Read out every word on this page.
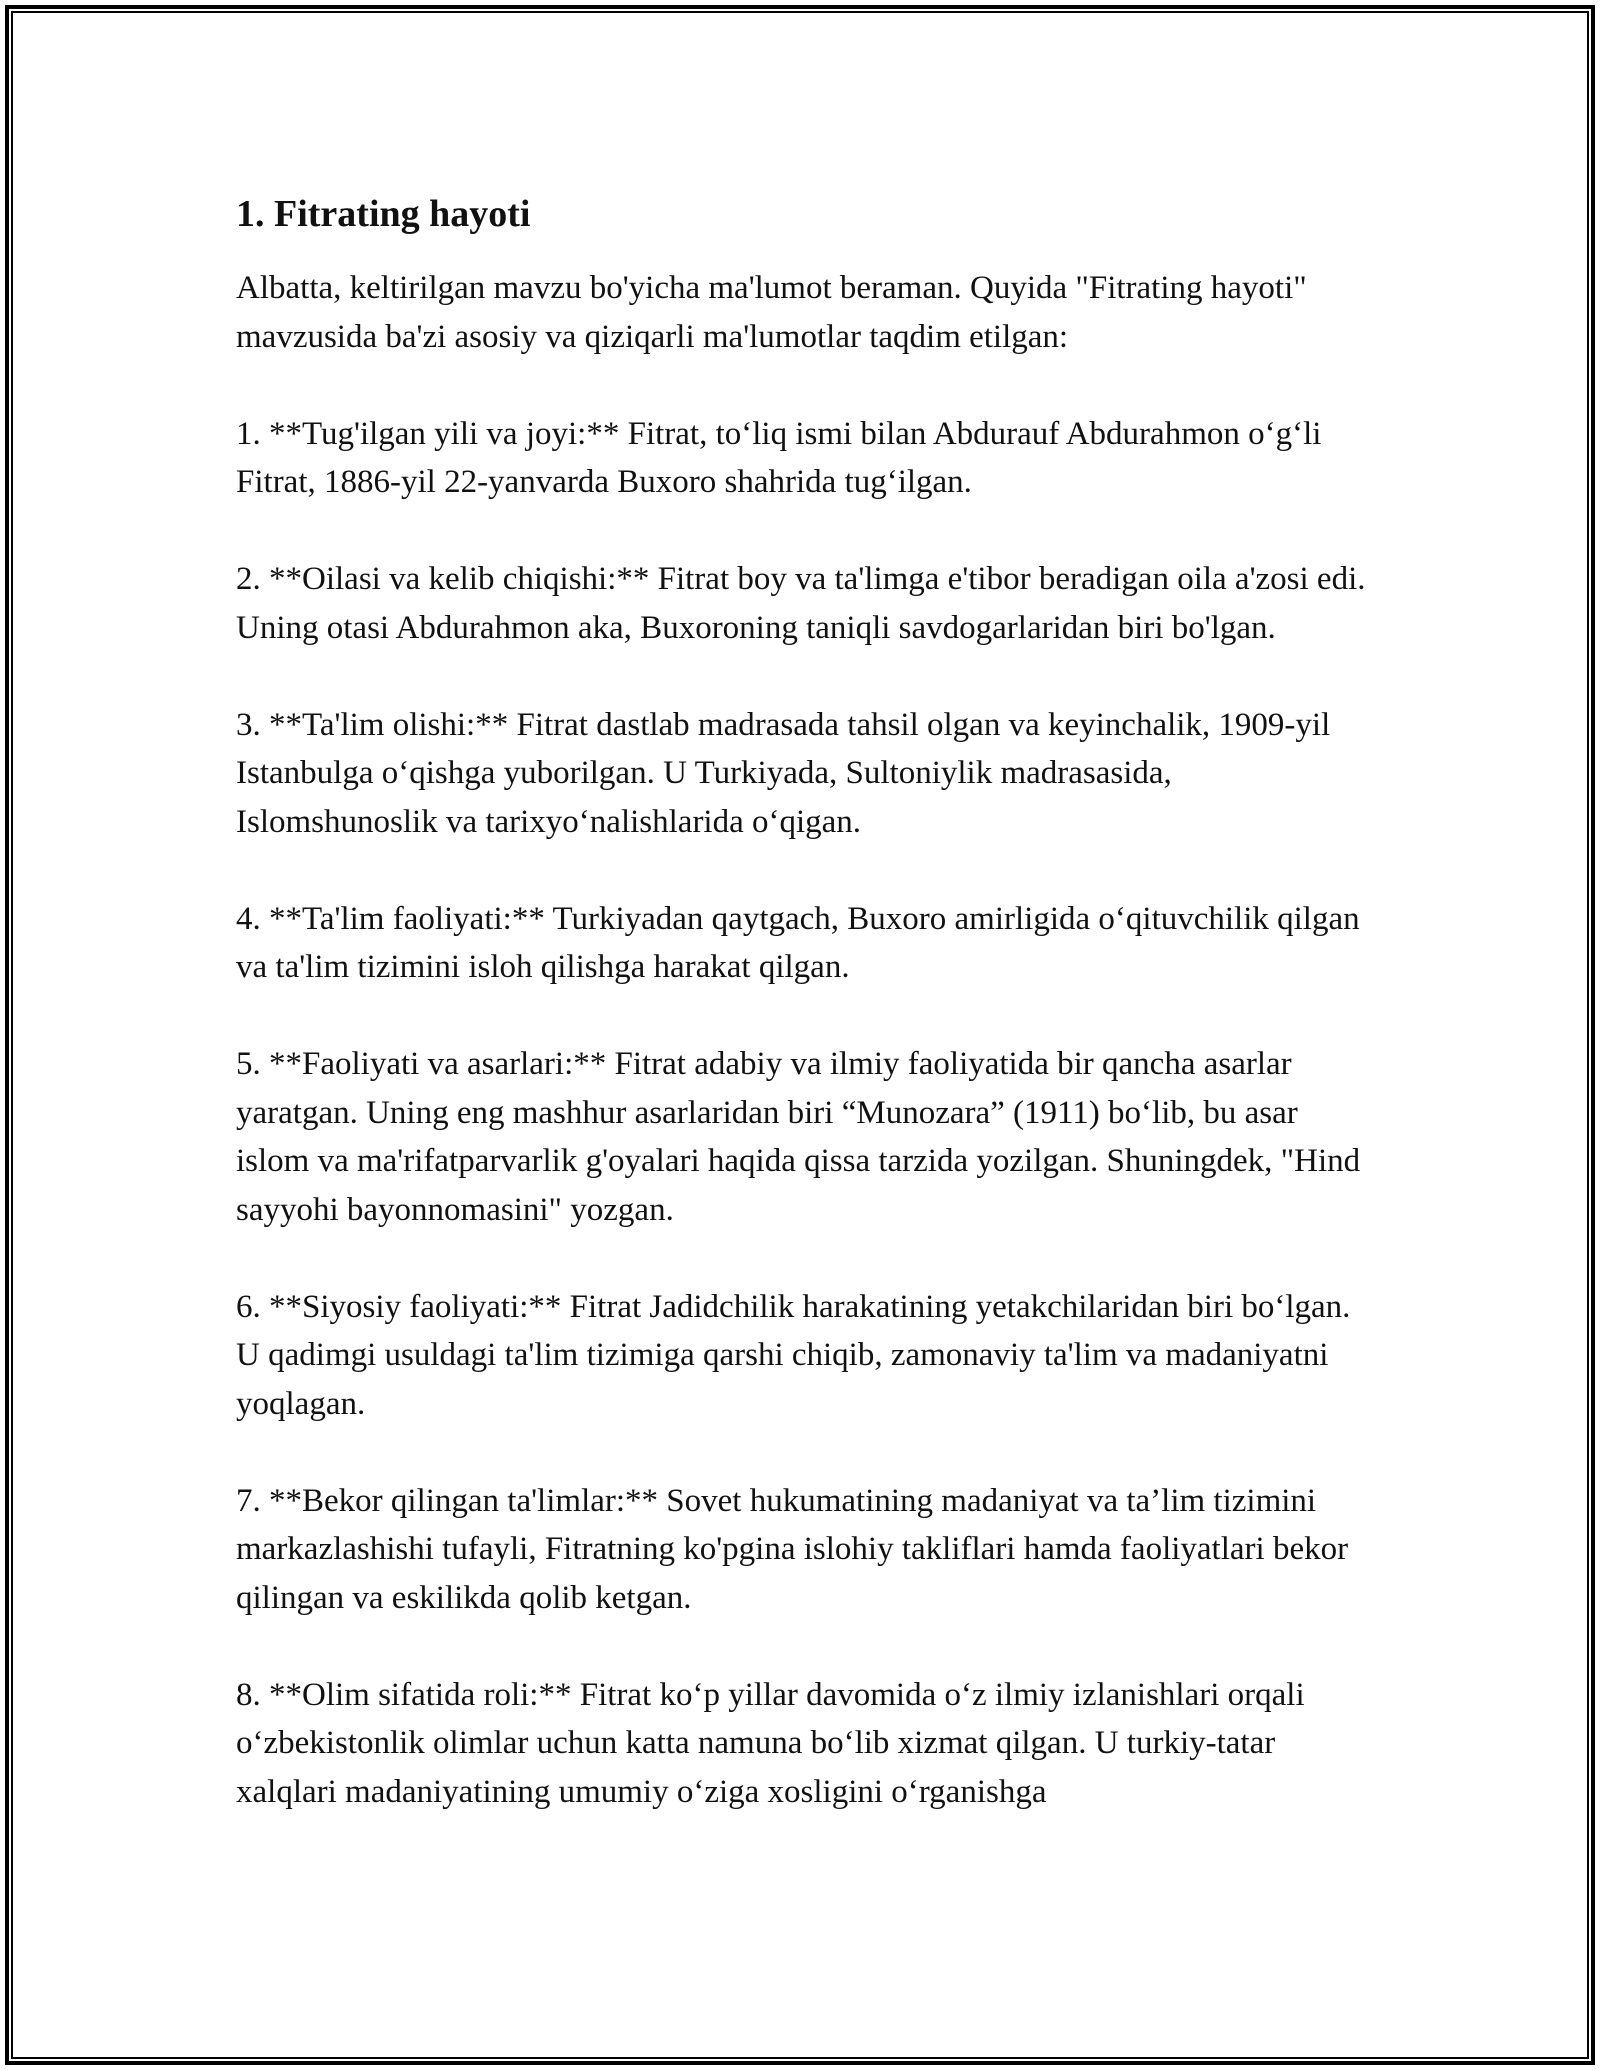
1. Fitrating hayoti

Albatta, keltirilgan mavzu bo'yicha ma'lumot beraman. Quyida "Fitrating hayoti" mavzusida ba'zi asosiy va qiziqarli ma'lumotlar taqdim etilgan:

1. **Tug'ilgan yili va joyi:** Fitrat, to‘liq ismi bilan Abdurauf Abdurahmon o‘g‘li Fitrat, 1886-yil 22-yanvarda Buxoro shahrida tug‘ilgan.

2. **Oilasi va kelib chiqishi:** Fitrat boy va ta'limga e'tibor beradigan oila a'zosi edi. Uning otasi Abdurahmon aka, Buxoroning taniqli savdogarlaridan biri bo'lgan.

3. **Ta'lim olishi:** Fitrat dastlab madrasada tahsil olgan va keyinchalik, 1909-yil Istanbulga o‘qishga yuborilgan. U Turkiyada, Sultoniylik madrasasida, Islomshunoslik va tarixyo‘nalishlarida o‘qigan.

4. **Ta'lim faoliyati:** Turkiyadan qaytgach, Buxoro amirligida o‘qituvchilik qilgan va ta'lim tizimini isloh qilishga harakat qilgan.

5. **Faoliyati va asarlari:** Fitrat adabiy va ilmiy faoliyatida bir qancha asarlar yaratgan. Uning eng mashhur asarlaridan biri “Munozara” (1911) bo‘lib, bu asar islom va ma'rifatparvarlik g'oyalari haqida qissa tarzida yozilgan. Shuningdek, "Hind sayyohi bayonnomasini" yozgan.

6. **Siyosiy faoliyati:** Fitrat Jadidchilik harakatining yetakchilaridan biri bo‘lgan. U qadimgi usuldagi ta'lim tizimiga qarshi chiqib, zamonaviy ta'lim va madaniyatni yoqlagan.

7. **Bekor qilingan ta'limlar:** Sovet hukumatining madaniyat va ta’lim tizimini markazlashishi tufayli, Fitratning ko'pgina islohiy takliflari hamda faoliyatlari bekor qilingan va eskilikda qolib ketgan.

8. **Olim sifatida roli:** Fitrat ko‘p yillar davomida o‘z ilmiy izlanishlari orqali o‘zbekistonlik olimlar uchun katta namuna bo‘lib xizmat qilgan. U turkiy-tatar xalqlari madaniyatining umumiy o‘ziga xosligini o‘rganishga
